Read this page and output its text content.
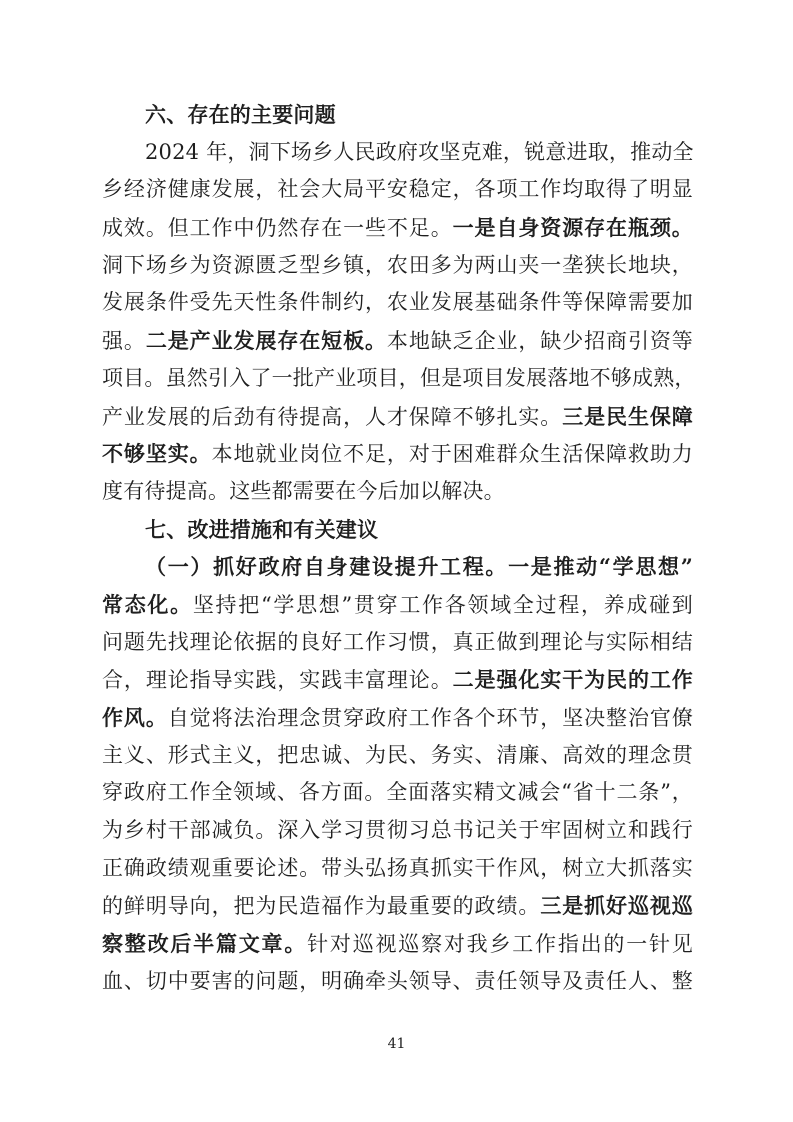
六、存在的主要问题
2024 年，洞下场乡人民政府攻坚克难，锐意进取，推动全
乡经济健康发展，社会大局平安稳定，各项工作均取得了明显
成效。但工作中仍然存在一些不足。一是自身资源存在瓶颈。
洞下场乡为资源匮乏型乡镇，农田多为两山夹一垄狭长地块，
发展条件受先天性条件制约，农业发展基础条件等保障需要加
强。二是产业发展存在短板。本地缺乏企业，缺少招商引资等
项目。虽然引入了一批产业项目，但是项目发展落地不够成熟，
产业发展的后劲有待提高，人才保障不够扎实。三是民生保障
不够坚实。本地就业岗位不足，对于困难群众生活保障救助力
度有待提高。这些都需要在今后加以解决。
七、改进措施和有关建议
（一）抓好政府自身建设提升工程。一是推动“学思想”
常态化。坚持把“学思想”贯穿工作各领域全过程，养成碰到
问题先找理论依据的良好工作习惯，真正做到理论与实际相结
合，理论指导实践，实践丰富理论。二是强化实干为民的工作
作风。自觉将法治理念贯穿政府工作各个环节，坚决整治官僚
主义、形式主义，把忠诚、为民、务实、清廉、高效的理念贯
穿政府工作全领域、各方面。全面落实精文减会“省十二条”，
为乡村干部减负。深入学习贯彻习总书记关于牢固树立和践行
正确政绩观重要论述。带头弘扬真抓实干作风，树立大抓落实
的鲜明导向，把为民造福作为最重要的政绩。三是抓好巡视巡
察整改后半篇文章。针对巡视巡察对我乡工作指出的一针见
血、切中要害的问题，明确牵头领导、责任领导及责任人、整
41
